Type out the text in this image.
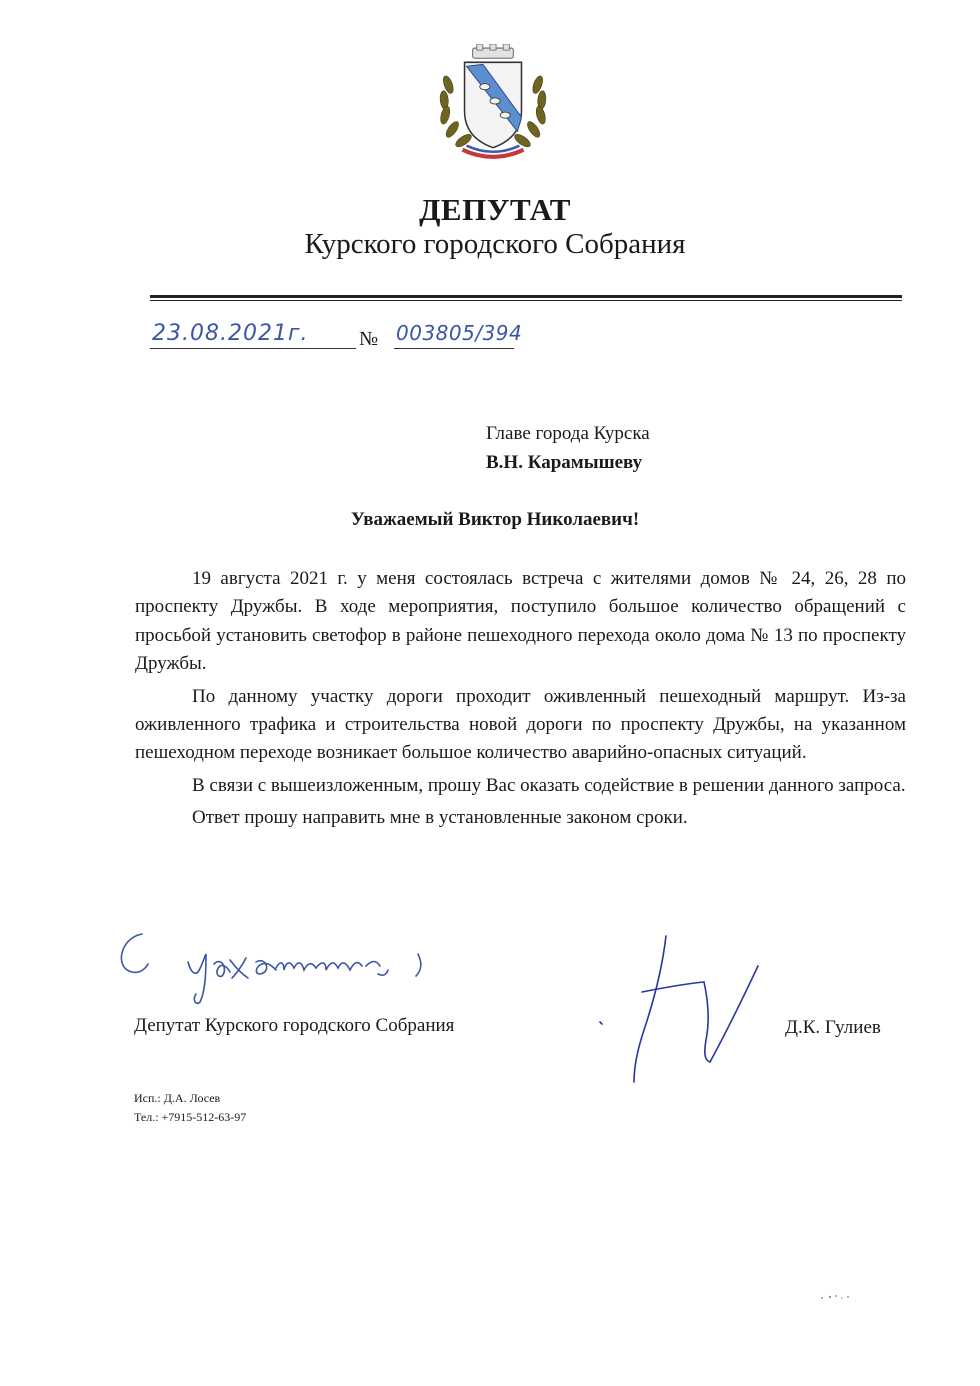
ДЕПУТАТ
Курского городского Собрания
23.08.2021г.	№ 003805/394
Главе города Курска
В.Н. Карамышеву
Уважаемый Виктор Николаевич!

19 августа 2021 г. у меня состоялась встреча с жителями домов № 24, 26, 28 по проспекту Дружбы. В ходе мероприятия, поступило большое количество обращений с просьбой установить светофор в районе пешеходного перехода около дома № 13 по проспекту Дружбы.

По данному участку дороги проходит оживленный пешеходный маршрут. Из-за оживленного трафика и строительства новой дороги по проспекту Дружбы, на указанном пешеходном переходе возникает большое количество аварийно-опасных ситуаций.

В связи с вышеизложенным, прошу Вас оказать содействие в решении данного запроса.

Ответ прошу направить мне в установленные законом сроки.

Депутат Курского городского Собрания	Д.К. Гулиев
Исп.: Д.А. Лосев
Тел.: +7915-512-63-97
